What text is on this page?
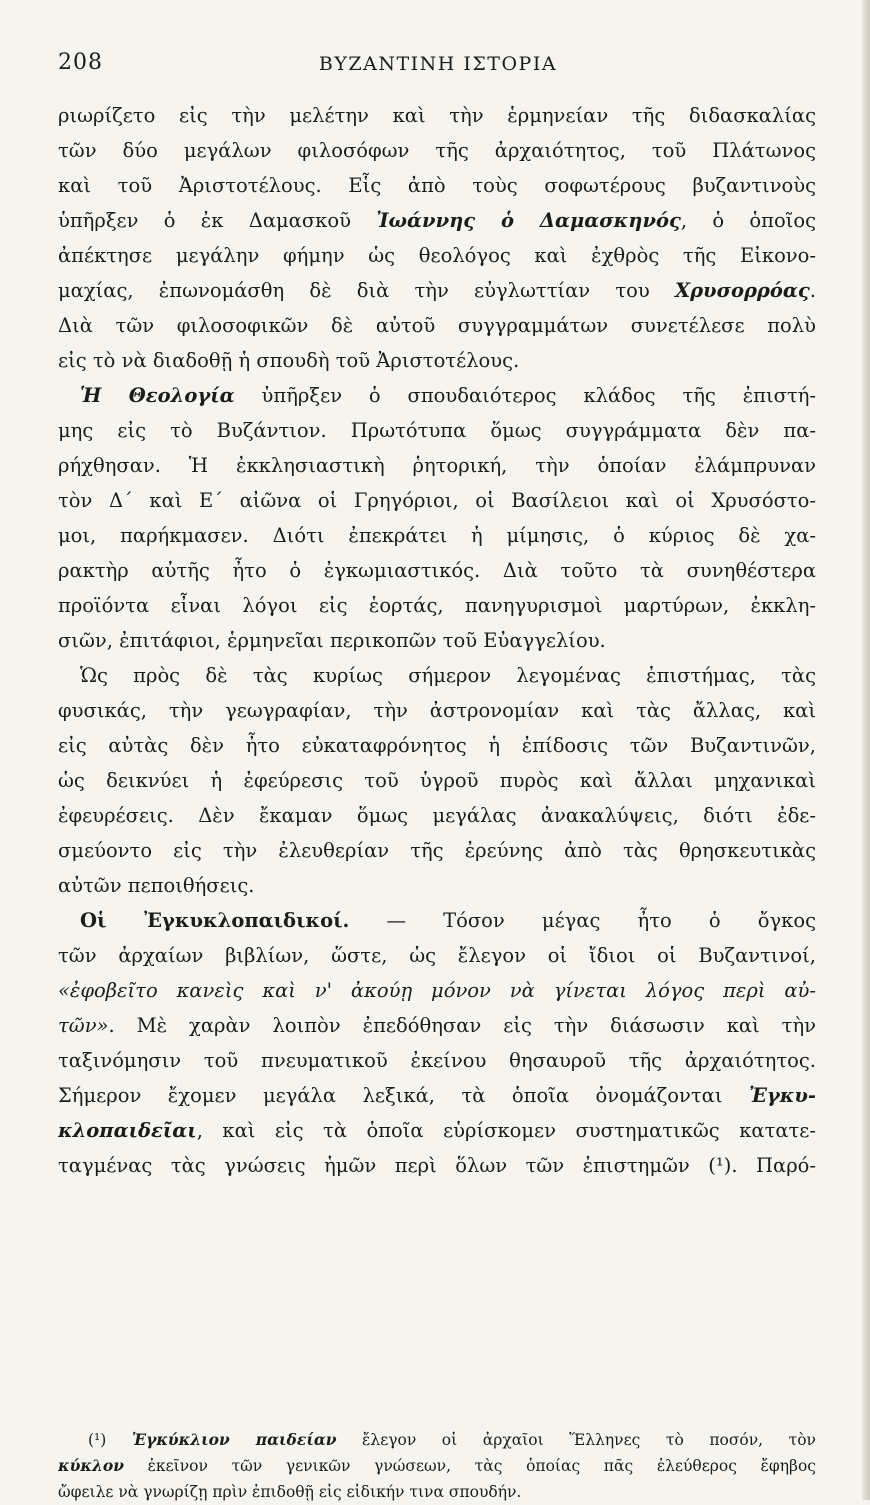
208	ΒΥΖΑΝΤΙΝΗ ΙΣΤΟΡΙΑ
ριωρίζετο εἰς τὴν μελέτην καὶ τὴν ἑρμηνείαν τῆς διδασκαλίας
τῶν δύο μεγάλων φιλοσόφων τῆς ἀρχαιότητος, τοῦ Πλάτωνος
καὶ τοῦ Ἀριστοτέλους. Εἷς ἀπὸ τοὺς σοφωτέρους βυζαντινοὺς
ὑπῆρξεν ὁ ἐκ Δαμασκοῦ Ἰωάννης ὁ Δαμασκηνός, ὁ ὁποῖος
ἀπέκτησε μεγάλην φήμην ὡς θεολόγος καὶ ἐχθρὸς τῆς Εἰκονο-
μαχίας, ἐπωνομάσθη δὲ διὰ τὴν εὐγλωττίαν του Χρυσορρόας.
Διὰ τῶν φιλοσοφικῶν δὲ αὐτοῦ συγγραμμάτων συνετέλεσε πολὺ
εἰς τὸ νὰ διαδοθῇ ἡ σπουδὴ τοῦ Ἀριστοτέλους.
Ἡ Θεολογία ὑπῆρξεν ὁ σπουδαιότερος κλάδος τῆς ἐπιστή-
μης εἰς τὸ Βυζάντιον. Πρωτότυπα ὅμως συγγράμματα δὲν πα-
ρήχθησαν. Ἡ ἐκκλησιαστικὴ ῥητορική, τὴν ὁποίαν ἐλάμπρυναν
τὸν Δ΄ καὶ Ε΄ αἰῶνα οἱ Γρηγόριοι, οἱ Βασίλειοι καὶ οἱ Χρυσόστο-
μοι, παρήκμασεν. Διότι ἐπεκράτει ἡ μίμησις, ὁ κύριος δὲ χα-
ρακτὴρ αὐτῆς ἦτο ὁ ἐγκωμιαστικός. Διὰ τοῦτο τὰ συνηθέστερα
προϊόντα εἶναι λόγοι εἰς ἑορτάς, πανηγυρισμοὶ μαρτύρων, ἐκκλη-
σιῶν, ἐπιτάφιοι, ἑρμηνεῖαι περικοπῶν τοῦ Εὐαγγελίου.
Ὡς πρὸς δὲ τὰς κυρίως σήμερον λεγομένας ἐπιστήμας, τὰς
φυσικάς, τὴν γεωγραφίαν, τὴν ἀστρονομίαν καὶ τὰς ἄλλας, καὶ
εἰς αὐτὰς δὲν ἦτο εὐκαταφρόνητος ἡ ἐπίδοσις τῶν Βυζαντινῶν,
ὡς δεικνύει ἡ ἐφεύρεσις τοῦ ὑγροῦ πυρὸς καὶ ἄλλαι μηχανικαὶ
ἐφευρέσεις. Δὲν ἔκαμαν ὅμως μεγάλας ἀνακαλύψεις, διότι ἐδε-
σμεύοντο εἰς τὴν ἐλευθερίαν τῆς ἐρεύνης ἀπὸ τὰς θρησκευτικὰς
αὐτῶν πεποιθήσεις.
Οἱ Ἐγκυκλοπαιδικοί. — Τόσον μέγας ἦτο ὁ ὄγκος
τῶν ἀρχαίων βιβλίων, ὥστε, ὡς ἔλεγον οἱ ἴδιοι οἱ Βυζαντινοί,
«ἐφοβεῖτο κανεὶς καὶ ν' ἀκούῃ μόνον νὰ γίνεται λόγος περὶ αὐ-
τῶν». Μὲ χαρὰν λοιπὸν ἐπεδόθησαν εἰς τὴν διάσωσιν καὶ τὴν
ταξινόμησιν τοῦ πνευματικοῦ ἐκείνου θησαυροῦ τῆς ἀρχαιότητος.
Σήμερον ἔχομεν μεγάλα λεξικά, τὰ ὁποῖα ὀνομάζονται Ἐγκυ-
κλοπαιδεῖαι, καὶ εἰς τὰ ὁποῖα εὑρίσκομεν συστηματικῶς κατατε-
ταγμένας τὰς γνώσεις ἡμῶν περὶ ὅλων τῶν ἐπιστημῶν (¹). Παρό-
(¹) Ἐγκύκλιον παιδείαν ἔλεγον οἱ ἀρχαῖοι Ἕλληνες τὸ ποσόν, τὸν
κύκλον ἐκεῖνον τῶν γενικῶν γνώσεων, τὰς ὁποίας πᾶς ἐλεύθερος ἔφηβος
ὤφειλε νὰ γνωρίζῃ πρὶν ἐπιδοθῇ εἰς εἰδικήν τινα σπουδήν.
